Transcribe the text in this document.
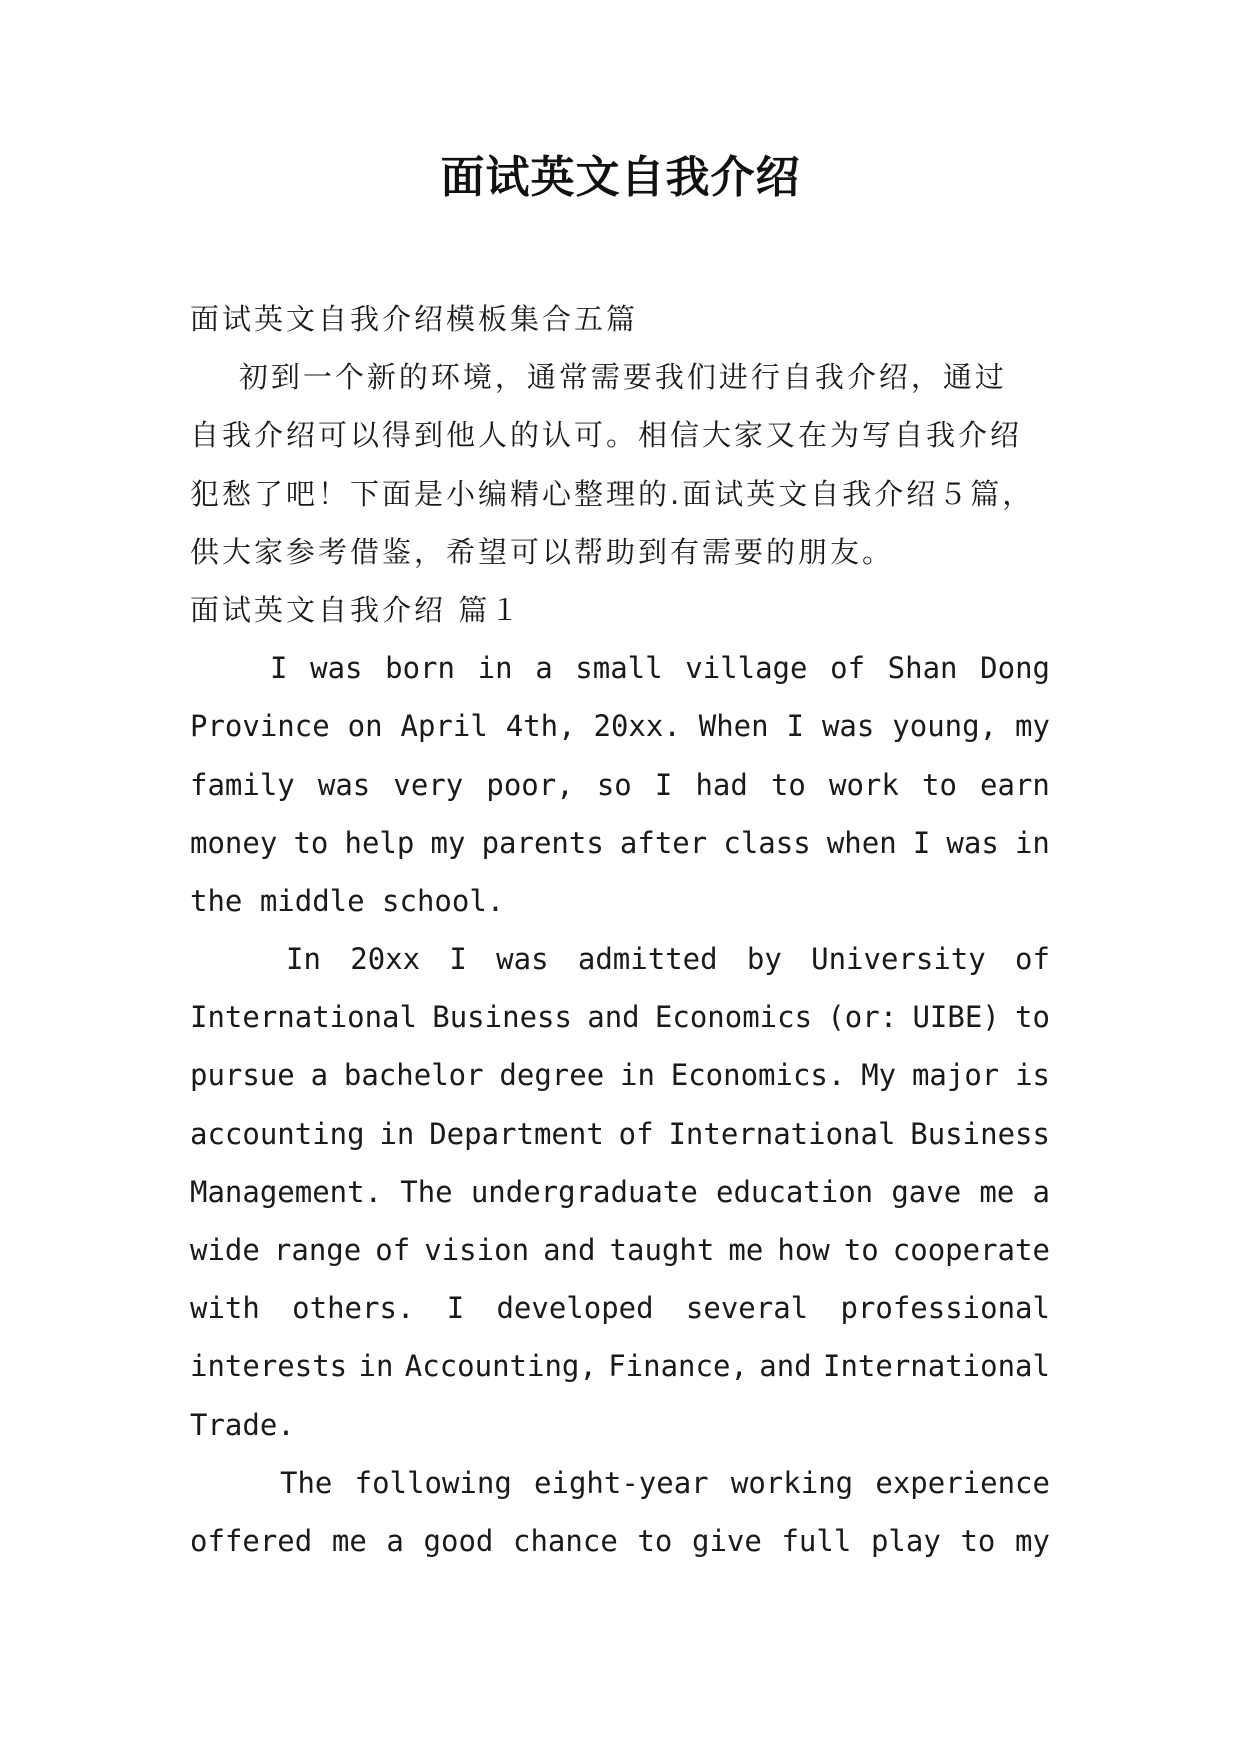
面试英文自我介绍
面试英文自我介绍模板集合五篇
初到一个新的环境，通常需要我们进行自我介绍，通过
自我介绍可以得到他人的认可。相信大家又在为写自我介绍
犯愁了吧！下面是小编精心整理的.面试英文自我介绍５篇，
供大家参考借鉴，希望可以帮助到有需要的朋友。
面试英文自我介绍 篇１
I was born in a small village of Shan Dong
Province on April 4th, 20xx. When I was young, my
family was very poor, so I had to work to earn
money to help my parents after class when I was in
the middle school.
In 20xx I was admitted by University of
International Business and Economics (or: UIBE) to
pursue a bachelor degree in Economics. My major is
accounting in Department of International Business
Management. The undergraduate education gave me a
wide range of vision and taught me how to cooperate
with others. I developed several professional
interests in Accounting, Finance, and International
Trade.
The following eight-year working experience
offered me a good chance to give full play to my
